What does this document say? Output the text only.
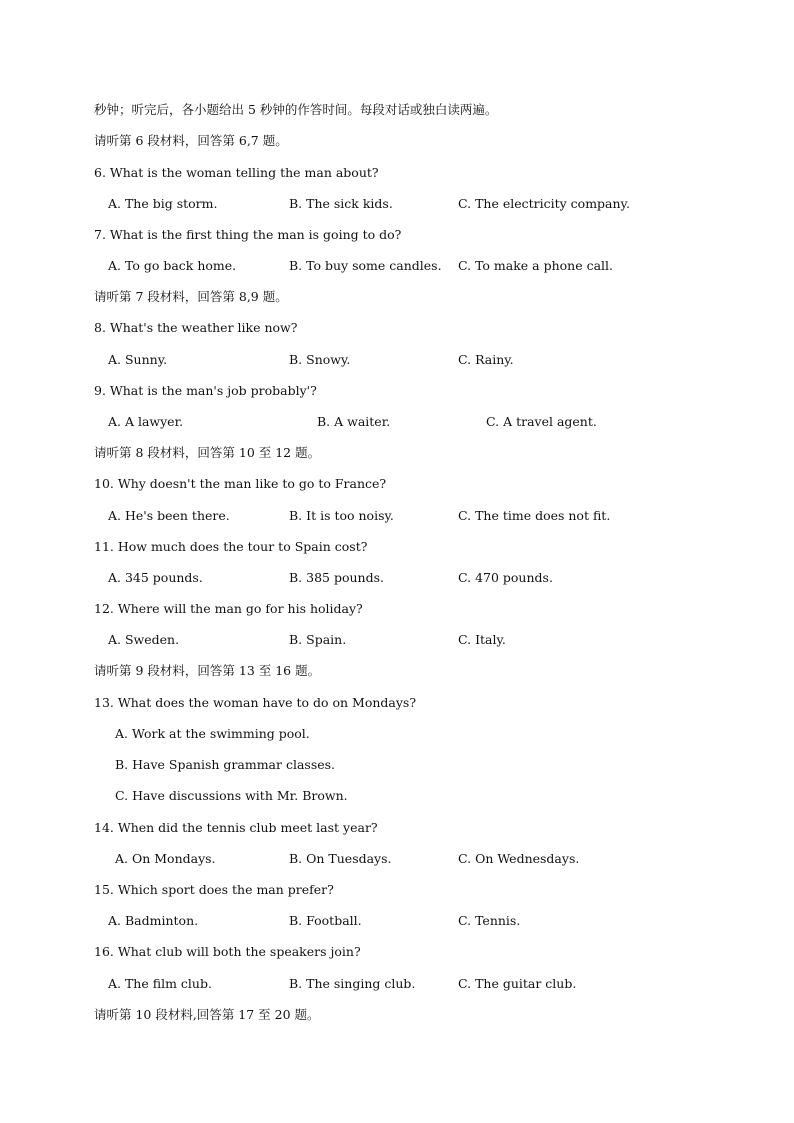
秒钟；听完后，各小题给出 5 秒钟的作答时间。每段对话或独白读两遍。
请听第 6 段材料，回答第 6,7 题。
6. What is the woman telling the man about?
A. The big storm.	B. The sick kids.	C. The electricity company.
7. What is the first thing the man is going to do?
A. To go back home.	B. To buy some candles. C. To make a phone call.
请听第 7 段材料，回答第 8,9 题。
8. What's the weather like now?
A. Sunny.	B. Snowy.	C. Rainy.
9. What is the man's job probably'?
A. A lawyer.	B. A waiter.	C. A travel agent.
请听第 8 段材料，回答第 10 至 12 题。
10. Why doesn't the man like to go to France?
A. He's been there.	B. It is too noisy.	C. The time does not fit.
11. How much does the tour to Spain cost?
A. 345 pounds.	B. 385 pounds.	C. 470 pounds.
12. Where will the man go for his holiday?
A. Sweden.	B. Spain.	C. Italy.
请听第 9 段材料，回答第 13 至 16 题。
13. What does the woman have to do on Mondays?
A. Work at the swimming pool.
B. Have Spanish grammar classes.
C. Have discussions with Mr. Brown.
14. When did the tennis club meet last year?
A. On Mondays.	B. On Tuesdays.	C. On Wednesdays.
15. Which sport does the man prefer?
A. Badminton.	B. Football.	C. Tennis.
16. What club will both the speakers join?
A. The film club.	B. The singing club.	C. The guitar club.
请听第 10 段材料,回答第 17 至 20 题。
